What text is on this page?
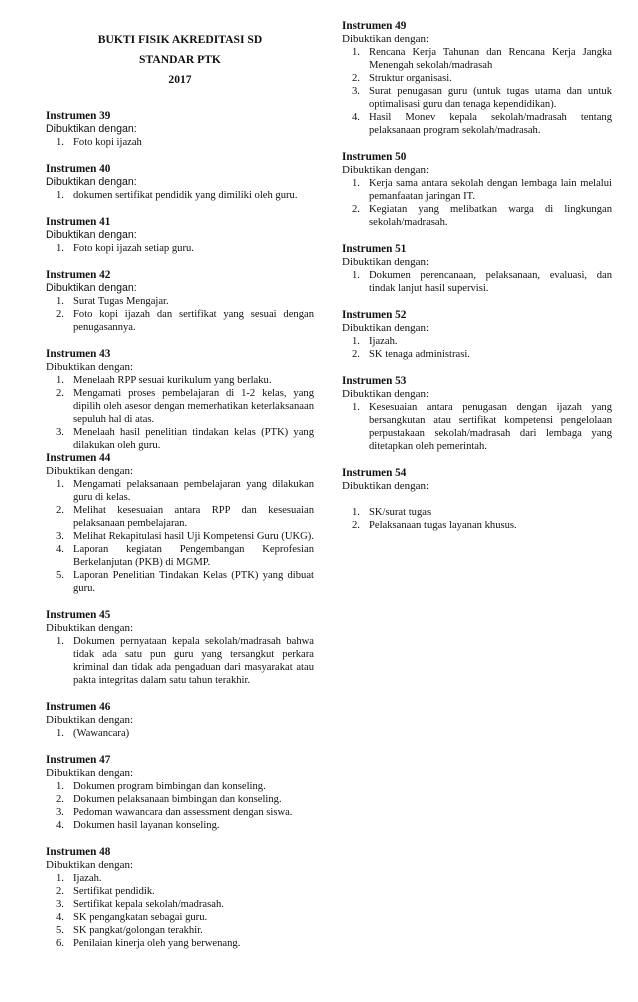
BUKTI FISIK AKREDITASI SD
STANDAR PTK
2017
Instrumen 39
Dibuktikan dengan:
1. Foto kopi ijazah
Instrumen 40
Dibuktikan dengan:
1. dokumen sertifikat pendidik yang dimiliki oleh guru.
Instrumen 41
Dibuktikan dengan:
1. Foto kopi ijazah setiap guru.
Instrumen 42
Dibuktikan dengan:
1. Surat Tugas Mengajar.
2. Foto kopi ijazah dan sertifikat yang sesuai dengan penugasannya.
Instrumen 43
Dibuktikan dengan:
1. Menelaah RPP sesuai kurikulum yang berlaku.
2. Mengamati proses pembelajaran di 1-2 kelas, yang dipilih oleh asesor dengan memerhatikan keterlaksanaan sepuluh hal di atas.
3. Menelaah hasil penelitian tindakan kelas (PTK) yang dilakukan oleh guru.
Instrumen 44
Dibuktikan dengan:
1. Mengamati pelaksanaan pembelajaran yang dilakukan guru di kelas.
2. Melihat kesesuaian antara RPP dan kesesuaian pelaksanaan pembelajaran.
3. Melihat Rekapitulasi hasil Uji Kompetensi Guru (UKG).
4. Laporan kegiatan Pengembangan Keprofesian Berkelanjutan (PKB) di MGMP.
5. Laporan Penelitian Tindakan Kelas (PTK) yang dibuat guru.
Instrumen 45
Dibuktikan dengan:
1. Dokumen pernyataan kepala sekolah/madrasah bahwa tidak ada satu pun guru yang tersangkut perkara kriminal dan tidak ada pengaduan dari masyarakat atau pakta integritas dalam satu tahun terakhir.
Instrumen 46
Dibuktikan dengan:
1. (Wawancara)
Instrumen 47
Dibuktikan dengan:
1. Dokumen program bimbingan dan konseling.
2. Dokumen pelaksanaan bimbingan dan konseling.
3. Pedoman wawancara dan assessment dengan siswa.
4. Dokumen hasil layanan konseling.
Instrumen 48
Dibuktikan dengan:
1. Ijazah.
2. Sertifikat pendidik.
3. Sertifikat kepala sekolah/madrasah.
4. SK pengangkatan sebagai guru.
5. SK pangkat/golongan terakhir.
6. Penilaian kinerja oleh yang berwenang.
Instrumen 49
Dibuktikan dengan:
1. Rencana Kerja Tahunan dan Rencana Kerja Jangka Menengah sekolah/madrasah
2. Struktur organisasi.
3. Surat penugasan guru (untuk tugas utama dan untuk optimalisasi guru dan tenaga kependidikan).
4. Hasil Monev kepala sekolah/madrasah tentang pelaksanaan program sekolah/madrasah.
Instrumen 50
Dibuktikan dengan:
1. Kerja sama antara sekolah dengan lembaga lain melalui pemanfaatan jaringan IT.
2. Kegiatan yang melibatkan warga di lingkungan sekolah/madrasah.
Instrumen 51
Dibuktikan dengan:
1. Dokumen perencanaan, pelaksanaan, evaluasi, dan tindak lanjut hasil supervisi.
Instrumen 52
Dibuktikan dengan:
1. Ijazah.
2. SK tenaga administrasi.
Instrumen 53
Dibuktikan dengan:
1. Kesesuaian antara penugasan dengan ijazah yang bersangkutan atau sertifikat kompetensi pengelolaan perpustakaan sekolah/madrasah dari lembaga yang ditetapkan oleh pemerintah.
Instrumen 54
Dibuktikan dengan:
1. SK/surat tugas
2. Pelaksanaan tugas layanan khusus.
